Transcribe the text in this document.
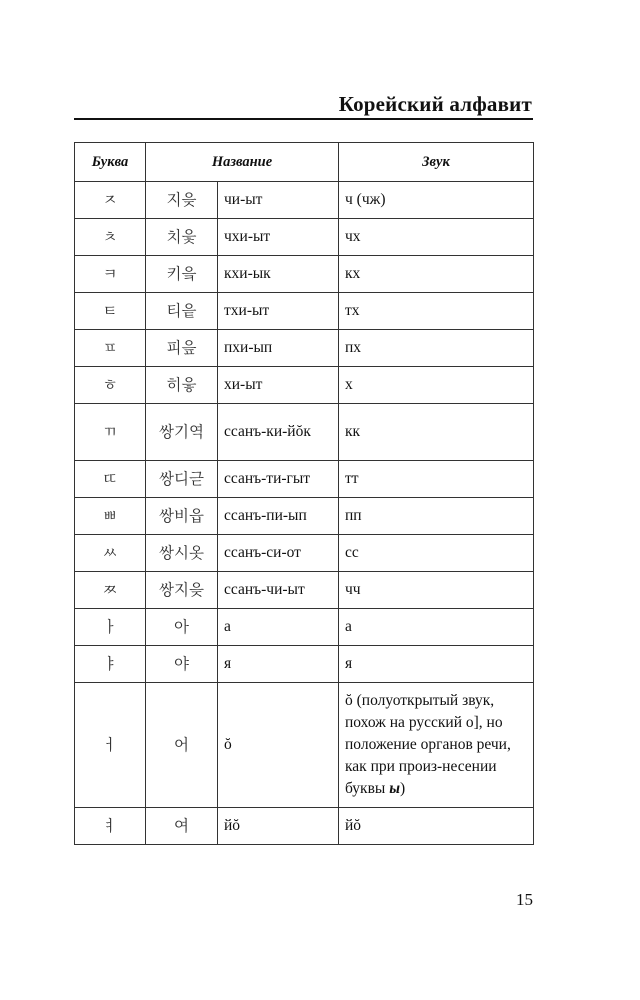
Корейский алфавит
Буква	Название		Звук
ㅈ	지읒	чи-ыт	ч (чж)
ㅊ	치읓	чхи-ыт	чх
ㅋ	키읔	кхи-ык	кх
ㅌ	티읕	тхи-ыт	тх
ㅍ	피읖	пхи-ып	пх
ㅎ	히읗	хи-ыт	х
ㄲ	쌍기역	ссанъ-ки-йŏк	кк
ㄸ	쌍디귿	ссанъ-ти-гыт	тт
ㅃ	쌍비읍	ссанъ-пи-ып	пп
ㅆ	쌍시옷	ссанъ-си-от	сс
ㅉ	쌍지읒	ссанъ-чи-ыт	чч
ㅏ	아	а	а
ㅑ	야	я	я
ㅓ	어	ŏ	ŏ (полуоткрытый звук, похож на русский о], но положение органов речи, как при произ-несении буквы ы)
ㅕ	여	йŏ	йŏ
15
